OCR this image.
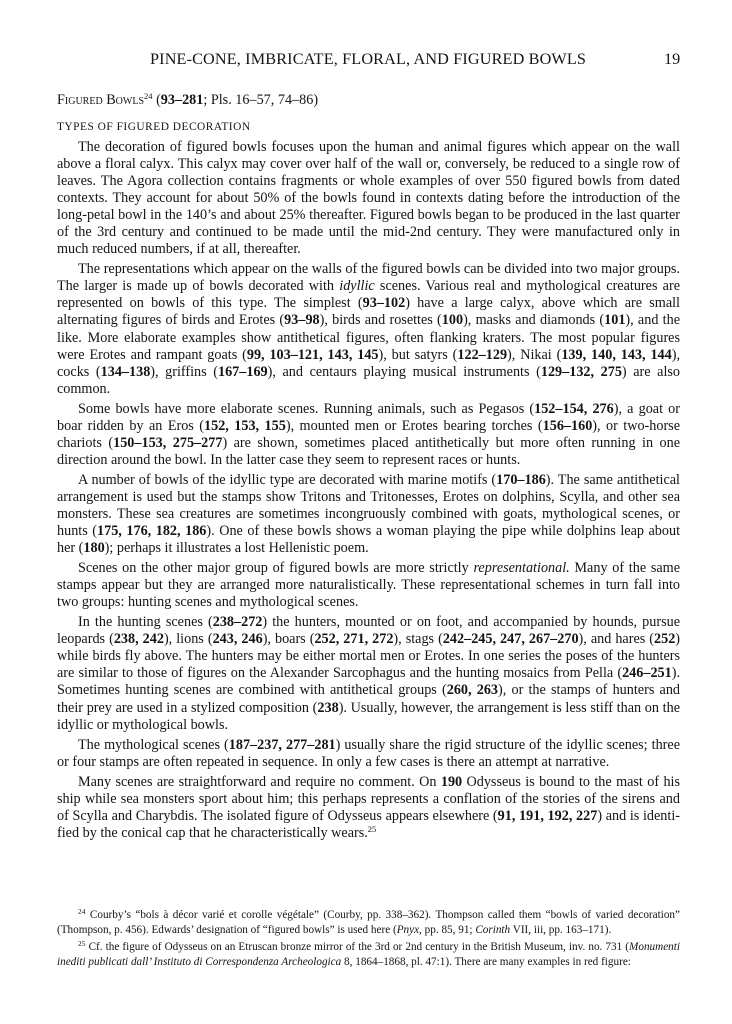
PINE-CONE, IMBRICATE, FLORAL, AND FIGURED BOWLS	19
Figured Bowls$^{24}$ (93–281; Pls. 16–57, 74–86)
TYPES OF FIGURED DECORATION

The decoration of figured bowls focuses upon the human and animal figures which appear on the wall above a floral calyx. This calyx may cover over half of the wall or, conversely, be reduced to a single row of leaves. The Agora collection contains fragments or whole examples of over 550 figured bowls from dated contexts. They account for about 50% of the bowls found in contexts dating before the introduction of the long-petal bowl in the 140’s and about 25% thereafter. Figured bowls began to be produced in the last quarter of the 3rd century and continued to be made until the mid-2nd century. They were manufactured only in much reduced numbers, if at all, thereafter.

The representations which appear on the walls of the figured bowls can be divided into two major groups. The larger is made up of bowls decorated with idyllic scenes. Various real and mythological creatures are represented on bowls of this type. The simplest (93–102) have a large calyx, above which are small alternating figures of birds and Erotes (93–98), birds and rosettes (100), masks and diamonds (101), and the like. More elaborate examples show antithetical figures, often flanking kraters. The most popular figures were Erotes and rampant goats (99, 103–121, 143, 145), but satyrs (122–129), Nikai (139, 140, 143, 144), cocks (134–138), griffins (167–169), and centaurs playing musical instruments (129–132, 275) are also common.

Some bowls have more elaborate scenes. Running animals, such as Pegasos (152–154, 276), a goat or boar ridden by an Eros (152, 153, 155), mounted men or Erotes bearing torches (156–160), or two-horse chariots (150–153, 275–277) are shown, sometimes placed antithetically but more often running in one direction around the bowl. In the latter case they seem to represent races or hunts.

A number of bowls of the idyllic type are decorated with marine motifs (170–186). The same antithetical arrangement is used but the stamps show Tritons and Tritonesses, Erotes on dolphins, Scylla, and other sea monsters. These sea creatures are sometimes incongruously combined with goats, mythological scenes, or hunts (175, 176, 182, 186). One of these bowls shows a woman playing the pipe while dolphins leap about her (180); perhaps it illustrates a lost Hellenistic poem.

Scenes on the other major group of figured bowls are more strictly representational. Many of the same stamps appear but they are arranged more naturalistically. These representational schemes in turn fall into two groups: hunting scenes and mythological scenes.

In the hunting scenes (238–272) the hunters, mounted or on foot, and accompanied by hounds, pursue leopards (238, 242), lions (243, 246), boars (252, 271, 272), stags (242–245, 247, 267–270), and hares (252) while birds fly above. The hunters may be either mortal men or Erotes. In one series the poses of the hunters are similar to those of figures on the Alexander Sarcophagus and the hunting mosaics from Pella (246–251). Sometimes hunting scenes are combined with antithetical groups (260, 263), or the stamps of hunters and their prey are used in a stylized composition (238). Usually, however, the arrangement is less stiff than on the idyllic or mythological bowls.

The mythological scenes (187–237, 277–281) usually share the rigid structure of the idyllic scenes; three or four stamps are often repeated in sequence. In only a few cases is there an attempt at narrative.

Many scenes are straightforward and require no comment. On 190 Odysseus is bound to the mast of his ship while sea monsters sport about him; this perhaps represents a conflation of the stories of the sirens and of Scylla and Charybdis. The isolated figure of Odysseus appears elsewhere (91, 191, 192, 227) and is identified by the conical cap that he characteristically wears.$^{25}$

$^{24}$ Courby’s “bols à décor varié et corolle végétale” (Courby, pp. 338–362). Thompson called them “bowls of varied decoration” (Thompson, p. 456). Edwards’ designation of “figured bowls” is used here (Pnyx, pp. 85, 91; Corinth VII, iii, pp. 163–171).

$^{25}$ Cf. the figure of Odysseus on an Etruscan bronze mirror of the 3rd or 2nd century in the British Museum, inv. no. 731 (Monumenti inediti publicati dall’ Instituto di Correspondenza Archeologica 8, 1864–1868, pl. 47:1). There are many examples in red figure:
